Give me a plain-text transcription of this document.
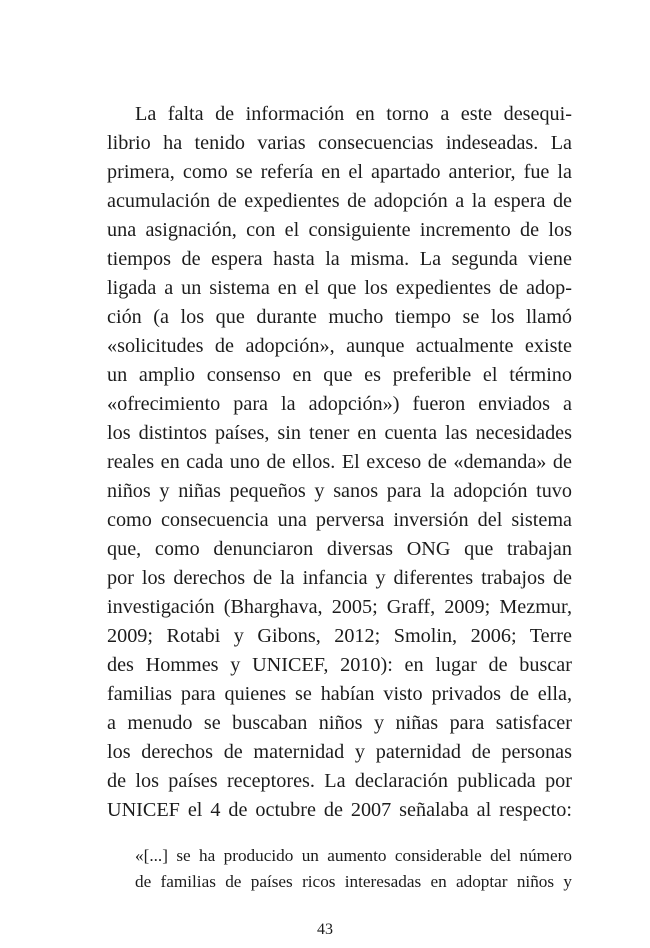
La falta de información en torno a este desequi-
librio ha tenido varias consecuencias indeseadas. La
primera, como se refería en el apartado anterior, fue la
acumulación de expedientes de adopción a la espera de
una asignación, con el consiguiente incremento de los
tiempos de espera hasta la misma. La segunda viene
ligada a un sistema en el que los expedientes de adop-
ción (a los que durante mucho tiempo se los llamó
«solicitudes de adopción», aunque actualmente existe
un amplio consenso en que es preferible el término
«ofrecimiento para la adopción») fueron enviados a
los distintos países, sin tener en cuenta las necesidades
reales en cada uno de ellos. El exceso de «demanda» de
niños y niñas pequeños y sanos para la adopción tuvo
como consecuencia una perversa inversión del sistema
que, como denunciaron diversas ONG que trabajan
por los derechos de la infancia y diferentes trabajos de
investigación (Bharghava, 2005; Graff, 2009; Mezmur,
2009; Rotabi y Gibons, 2012; Smolin, 2006; Terre
des Hommes y UNICEF, 2010): en lugar de buscar
familias para quienes se habían visto privados de ella,
a menudo se buscaban niños y niñas para satisfacer
los derechos de maternidad y paternidad de personas
de los países receptores. La declaración publicada por
UNICEF el 4 de octubre de 2007 señalaba al respecto:
«[...] se ha producido un aumento considerable del número
de familias de países ricos interesadas en adoptar niños y
43
